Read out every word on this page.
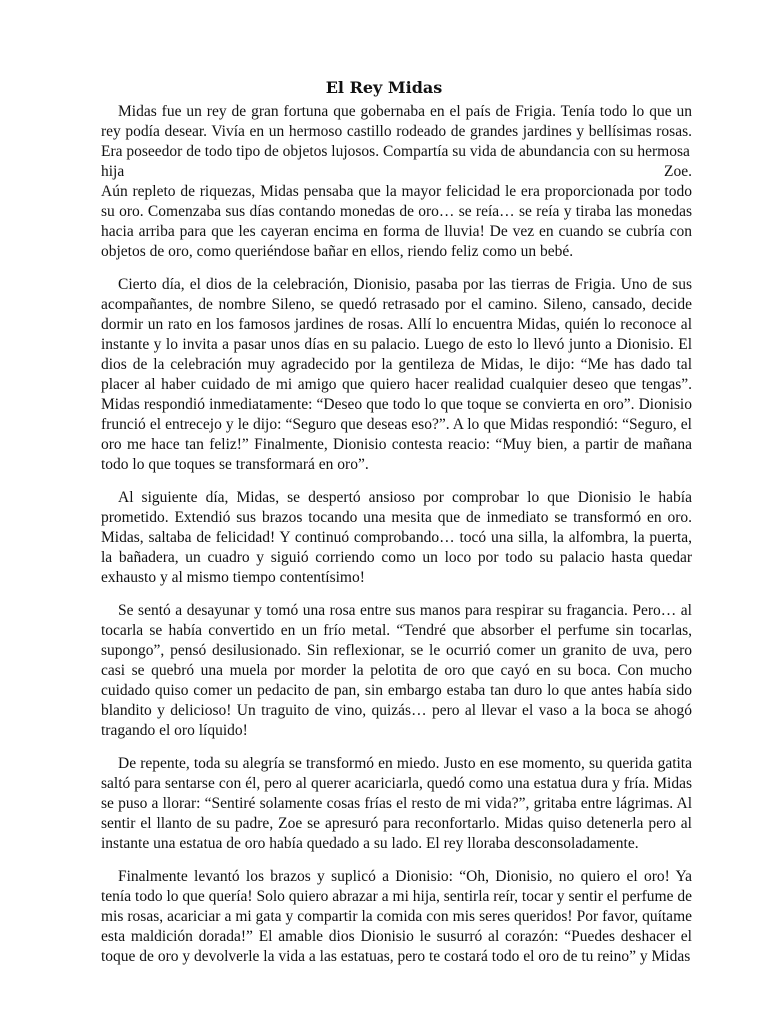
El Rey Midas

Midas fue un rey de gran fortuna que gobernaba en el país de Frigia. Tenía todo lo que un rey podía desear. Vivía en un hermoso castillo rodeado de grandes jardines y bellísimas rosas. Era poseedor de todo tipo de objetos lujosos. Compartía su vida de abundancia con su hermosa

hija	Zoe.

Aún repleto de riquezas, Midas pensaba que la mayor felicidad le era proporcionada por todo su oro. Comenzaba sus días contando monedas de oro… se reía… se reía y tiraba las monedas hacia arriba para que les cayeran encima en forma de lluvia! De vez en cuando se cubría con objetos de oro, como queriéndose bañar en ellos, riendo feliz como un bebé.

Cierto día, el dios de la celebración, Dionisio, pasaba por las tierras de Frigia. Uno de sus acompañantes, de nombre Sileno, se quedó retrasado por el camino. Sileno, cansado, decide dormir un rato en los famosos jardines de rosas. Allí lo encuentra Midas, quién lo reconoce al instante y lo invita a pasar unos días en su palacio. Luego de esto lo llevó junto a Dionisio. El dios de la celebración muy agradecido por la gentileza de Midas, le dijo: “Me has dado tal placer al haber cuidado de mi amigo que quiero hacer realidad cualquier deseo que tengas”. Midas respondió inmediatamente: “Deseo que todo lo que toque se convierta en oro”. Dionisio frunció el entrecejo y le dijo: “Seguro que deseas eso?”. A lo que Midas respondió: “Seguro, el oro me hace tan feliz!” Finalmente, Dionisio contesta reacio: “Muy bien, a partir de mañana todo lo que toques se transformará en oro”.

Al siguiente día, Midas, se despertó ansioso por comprobar lo que Dionisio le había prometido. Extendió sus brazos tocando una mesita que de inmediato se transformó en oro. Midas, saltaba de felicidad! Y continuó comprobando… tocó una silla, la alfombra, la puerta, la bañadera, un cuadro y siguió corriendo como un loco por todo su palacio hasta quedar exhausto y al mismo tiempo contentísimo!

Se sentó a desayunar y tomó una rosa entre sus manos para respirar su fragancia. Pero… al tocarla se había convertido en un frío metal. “Tendré que absorber el perfume sin tocarlas, supongo”, pensó desilusionado. Sin reflexionar, se le ocurrió comer un granito de uva, pero casi se quebró una muela por morder la pelotita de oro que cayó en su boca. Con mucho cuidado quiso comer un pedacito de pan, sin embargo estaba tan duro lo que antes había sido blandito y delicioso! Un traguito de vino, quizás… pero al llevar el vaso a la boca se ahogó tragando el oro líquido!

De repente, toda su alegría se transformó en miedo. Justo en ese momento, su querida gatita saltó para sentarse con él, pero al querer acariciarla, quedó como una estatua dura y fría. Midas se puso a llorar: “Sentiré solamente cosas frías el resto de mi vida?”, gritaba entre lágrimas. Al sentir el llanto de su padre, Zoe se apresuró para reconfortarlo. Midas quiso detenerla pero al instante una estatua de oro había quedado a su lado. El rey lloraba desconsoladamente.

Finalmente levantó los brazos y suplicó a Dionisio: “Oh, Dionisio, no quiero el oro! Ya tenía todo lo que quería! Solo quiero abrazar a mi hija, sentirla reír, tocar y sentir el perfume de mis rosas, acariciar a mi gata y compartir la comida con mis seres queridos! Por favor, quítame esta maldición dorada!” El amable dios Dionisio le susurró al corazón: “Puedes deshacer el toque de oro y devolverle la vida a las estatuas, pero te costará todo el oro de tu reino” y Midas
